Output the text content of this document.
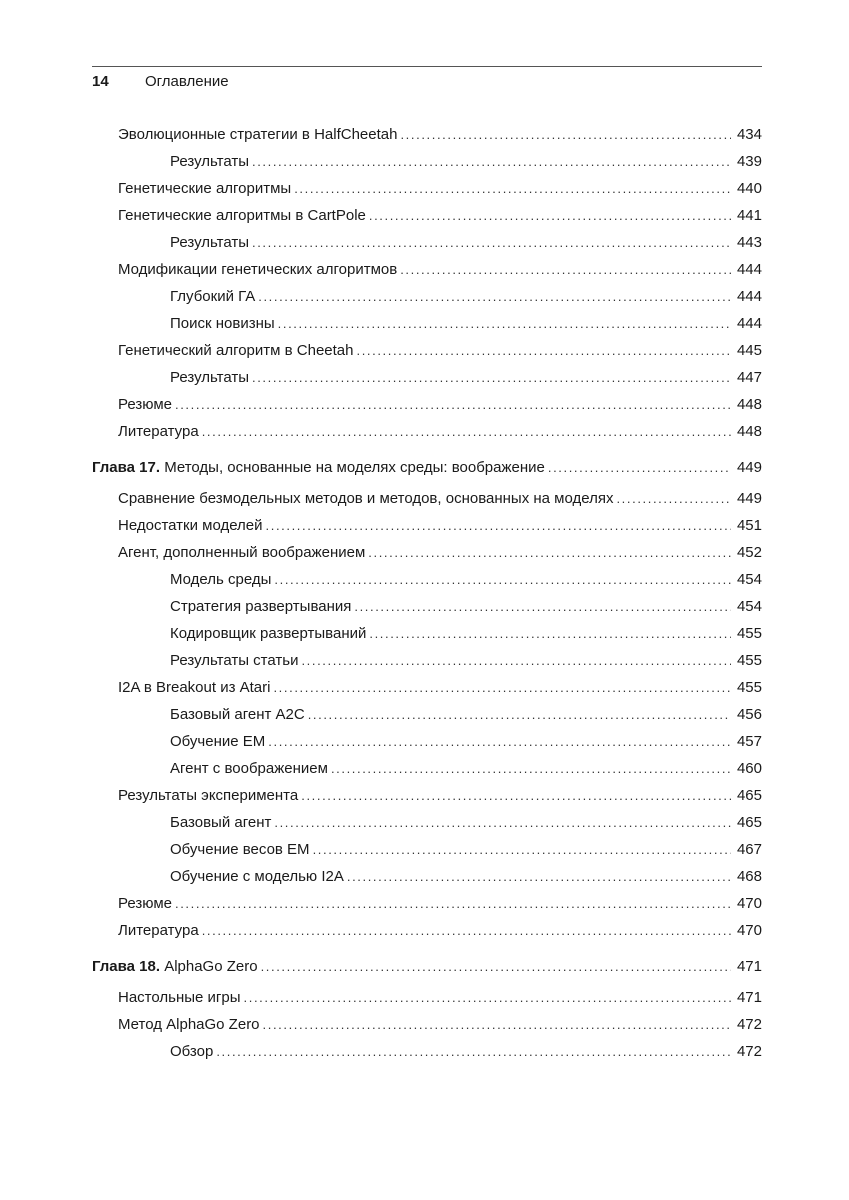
14	Оглавление
Эволюционные стратегии в HalfCheetah .....	434
Результаты .....	439
Генетические алгоритмы .....	440
Генетические алгоритмы в CartPole .....	441
Результаты .....	443
Модификации генетических алгоритмов .....	444
Глубокий ГА .....	444
Поиск новизны .....	444
Генетический алгоритм в Cheetah .....	445
Результаты .....	447
Резюме .....	448
Литература .....	448
Глава 17. Методы, основанные на моделях среды: воображение .....	449
Сравнение безмодельных методов и методов, основанных на моделях .....	449
Недостатки моделей .....	451
Агент, дополненный воображением .....	452
Модель среды .....	454
Стратегия развертывания .....	454
Кодировщик развертываний .....	455
Результаты статьи .....	455
I2A в Breakout из Atari .....	455
Базовый агент A2C .....	456
Обучение EM .....	457
Агент с воображением .....	460
Результаты эксперимента .....	465
Базовый агент .....	465
Обучение весов EM .....	467
Обучение с моделью I2A .....	468
Резюме .....	470
Литература .....	470
Глава 18. AlphaGo Zero .....	471
Настольные игры .....	471
Метод AlphaGo Zero .....	472
Обзор .....	472
